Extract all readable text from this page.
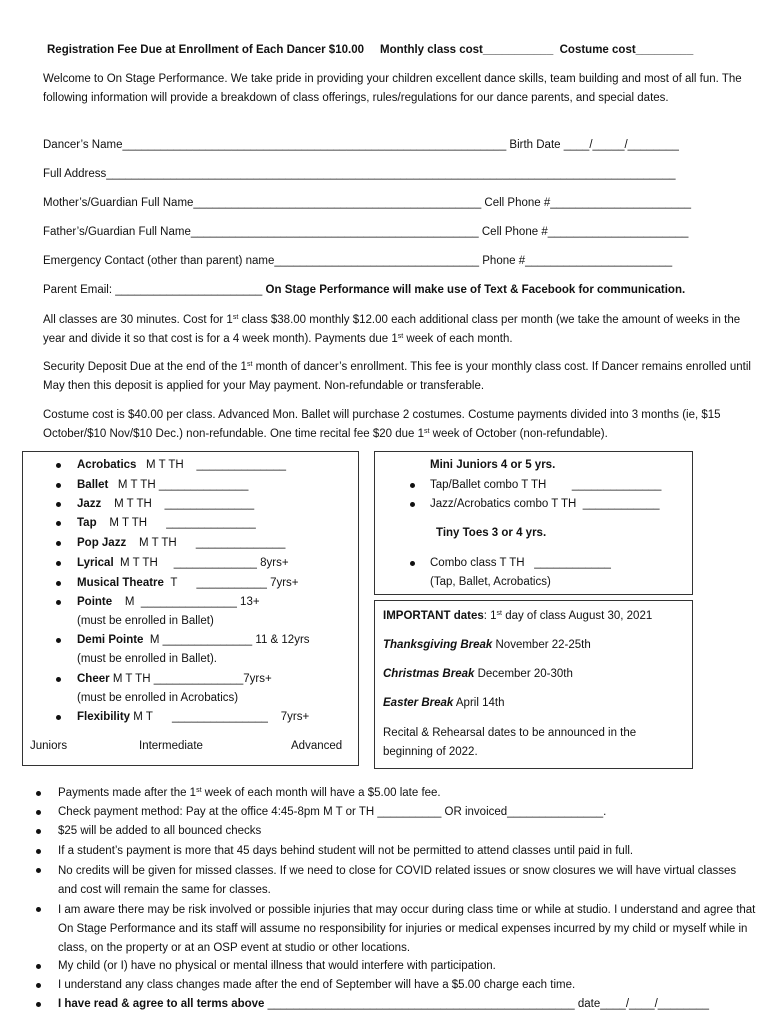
Registration Fee Due at Enrollment of Each Dancer $10.00 Monthly class cost___________ Costume cost_________

Welcome to On Stage Performance. We take pride in providing your children excellent dance skills, team building and most of all fun. The following information will provide a breakdown of class offerings, rules/regulations for our dance parents, and special dates.

Dancer’s Name____________________________________________________________ Birth Date ____/_____/________
Full Address_________________________________________________________________________________________
Mother’s/Guardian Full Name_____________________________________________ Cell Phone #______________________
Father’s/Guardian Full Name_____________________________________________ Cell Phone #______________________
Emergency Contact (other than parent) name________________________________ Phone #_______________________
Parent Email: _______________________ On Stage Performance will make use of Text & Facebook for communication.

All classes are 30 minutes. Cost for 1st class $38.00 monthly $12.00 each additional class per month (we take the amount of weeks in the year and divide it so that cost is for a 4 week month). Payments due 1st week of each month.

Security Deposit Due at the end of the 1st month of dancer’s enrollment. This fee is your monthly class cost. If Dancer remains enrolled until May then this deposit is applied for your May payment. Non-refundable or transferable.

Costume cost is $40.00 per class. Advanced Mon. Ballet will purchase 2 costumes. Costume payments divided into 3 months (ie, $15 October/$10 Nov/$10 Dec.) non-refundable. One time recital fee $20 due 1st week of October (non-refundable).

Acrobatics M T TH ______________
Ballet M T TH ______________
Jazz M T TH ______________
Tap M T TH ______________
Pop Jazz M T TH ______________
Lyrical M T TH _____________ 8yrs+
Musical Theatre T ___________ 7yrs+
Pointe M _______________ 13+
(must be enrolled in Ballet)
Demi Pointe M ______________ 11 & 12yrs
(must be enrolled in Ballet).
Cheer M T TH ______________7yrs+
(must be enrolled in Acrobatics)
Flexibility M T _______________ 7yrs+
Juniors	Intermediate	Advanced
Mini Juniors 4 or 5 yrs.
Tap/Ballet combo T TH ______________
Jazz/Acrobatics combo T TH ____________
Tiny Toes 3 or 4 yrs.
Combo class T TH ____________
(Tap, Ballet, Acrobatics)
IMPORTANT dates: 1st day of class August 30, 2021
Thanksgiving Break November 22-25th
Christmas Break December 20-30th
Easter Break April 14th

Recital & Rehearsal dates to be announced in the beginning of 2022.

Payments made after the 1st week of each month will have a $5.00 late fee.
Check payment method: Pay at the office 4:45-8pm M T or TH __________ OR invoiced_______________.
$25 will be added to all bounced checks
If a student’s payment is more that 45 days behind student will not be permitted to attend classes until paid in full.

No credits will be given for missed classes. If we need to close for COVID related issues or snow closures we will have virtual classes and cost will remain the same for classes.

I am aware there may be risk involved or possible injuries that may occur during class time or while at studio. I understand and agree that On Stage Performance and its staff will assume no responsibility for injuries or medical expenses incurred by my child or myself while in class, on the property or at an OSP event at studio or other locations.

My child (or I) have no physical or mental illness that would interfere with participation.
I understand any class changes made after the end of September will have a $5.00 charge each time.
I have read & agree to all terms above ________________________________________________ date____/____/________
